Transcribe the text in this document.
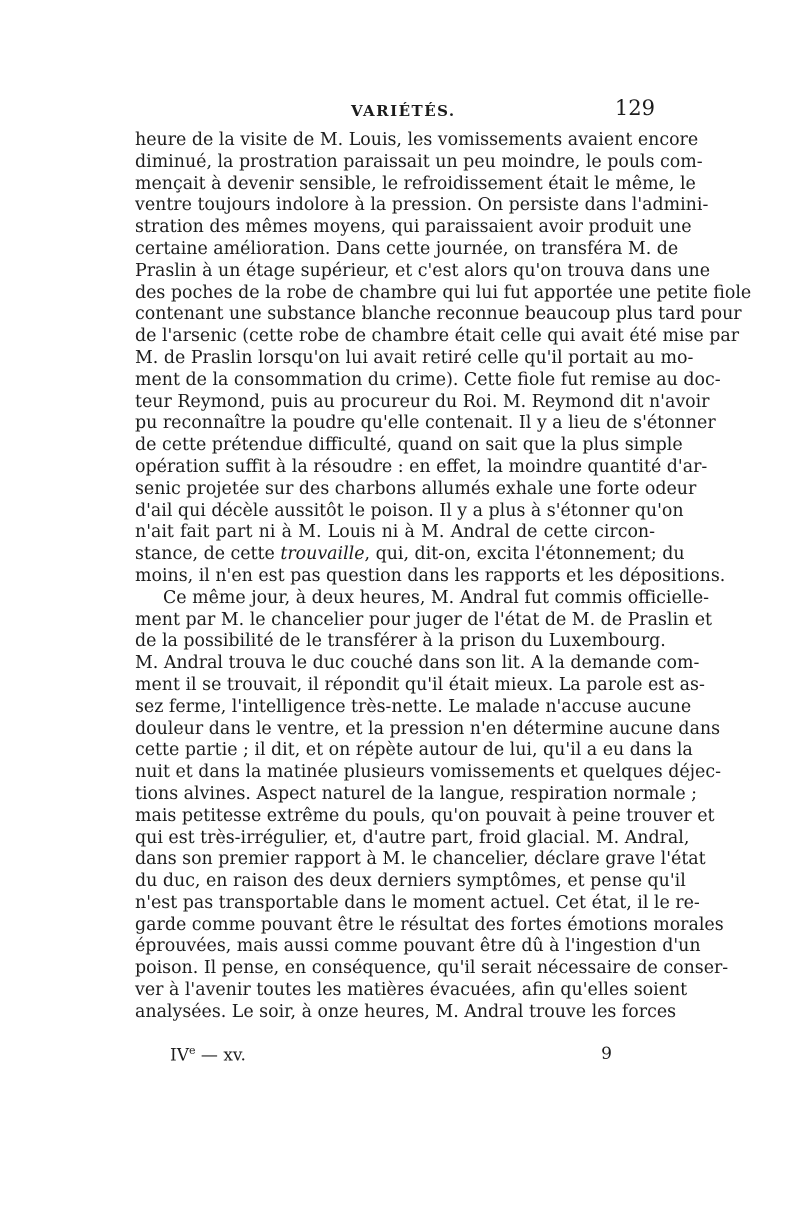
VARIÉTÉS.	129
heure de la visite de M. Louis, les vomissements avaient encore
diminué, la prostration paraissait un peu moindre, le pouls com-
mençait à devenir sensible, le refroidissement était le même, le
ventre toujours indolore à la pression. On persiste dans l'admini-
stration des mêmes moyens, qui paraissaient avoir produit une
certaine amélioration. Dans cette journée, on transféra M. de
Praslin à un étage supérieur, et c'est alors qu'on trouva dans une
des poches de la robe de chambre qui lui fut apportée une petite fiole
contenant une substance blanche reconnue beaucoup plus tard pour
de l'arsenic (cette robe de chambre était celle qui avait été mise par
M. de Praslin lorsqu'on lui avait retiré celle qu'il portait au mo-
ment de la consommation du crime). Cette fiole fut remise au doc-
teur Reymond, puis au procureur du Roi. M. Reymond dit n'avoir
pu reconnaître la poudre qu'elle contenait. Il y a lieu de s'étonner
de cette prétendue difficulté, quand on sait que la plus simple
opération suffit à la résoudre : en effet, la moindre quantité d'ar-
senic projetée sur des charbons allumés exhale une forte odeur
d'ail qui décèle aussitôt le poison. Il y a plus à s'étonner qu'on
n'ait fait part ni à M. Louis ni à M. Andral de cette circon-
stance, de cette trouvaille, qui, dit-on, excita l'étonnement; du
moins, il n'en est pas question dans les rapports et les dépositions.
Ce même jour, à deux heures, M. Andral fut commis officielle-
ment par M. le chancelier pour juger de l'état de M. de Praslin et
de la possibilité de le transférer à la prison du Luxembourg.
M. Andral trouva le duc couché dans son lit. A la demande com-
ment il se trouvait, il répondit qu'il était mieux. La parole est as-
sez ferme, l'intelligence très-nette. Le malade n'accuse aucune
douleur dans le ventre, et la pression n'en détermine aucune dans
cette partie ; il dit, et on répète autour de lui, qu'il a eu dans la
nuit et dans la matinée plusieurs vomissements et quelques déjec-
tions alvines. Aspect naturel de la langue, respiration normale ;
mais petitesse extrême du pouls, qu'on pouvait à peine trouver et
qui est très-irrégulier, et, d'autre part, froid glacial. M. Andral,
dans son premier rapport à M. le chancelier, déclare grave l'état
du duc, en raison des deux derniers symptômes, et pense qu'il
n'est pas transportable dans le moment actuel. Cet état, il le re-
garde comme pouvant être le résultat des fortes émotions morales
éprouvées, mais aussi comme pouvant être dû à l'ingestion d'un
poison. Il pense, en conséquence, qu'il serait nécessaire de conser-
ver à l'avenir toutes les matières évacuées, afin qu'elles soient
analysées. Le soir, à onze heures, M. Andral trouve les forces
IVe — xv.	9
